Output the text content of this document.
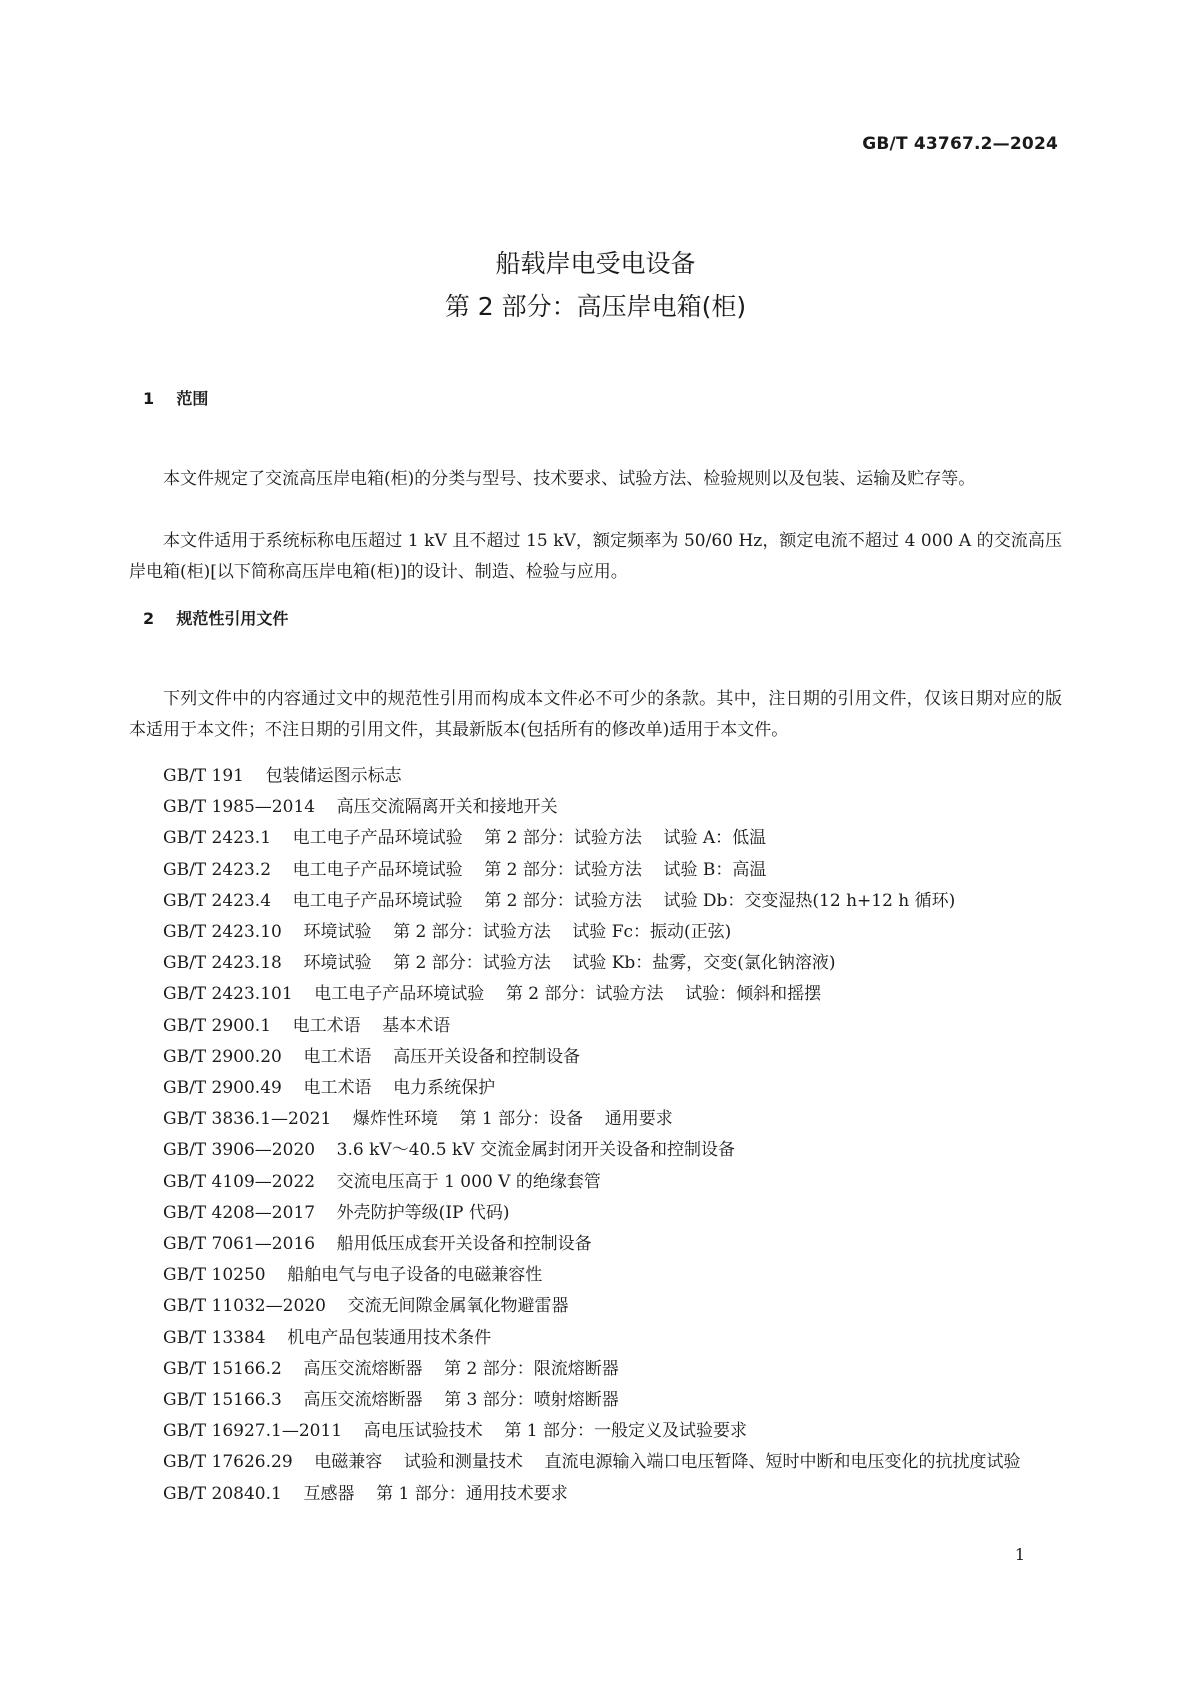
GB/T 43767.2—2024
船载岸电受电设备
第 2 部分：高压岸电箱(柜)
1    范围

本文件规定了交流高压岸电箱(柜)的分类与型号、技术要求、试验方法、检验规则以及包装、运输及贮存等。

本文件适用于系统标称电压超过 1 kV 且不超过 15 kV，额定频率为 50/60 Hz，额定电流不超过 4 000 A 的交流高压岸电箱(柜)[以下简称高压岸电箱(柜)]的设计、制造、检验与应用。

2    规范性引用文件

下列文件中的内容通过文中的规范性引用而构成本文件必不可少的条款。其中，注日期的引用文件，仅该日期对应的版本适用于本文件；不注日期的引用文件，其最新版本(包括所有的修改单)适用于本文件。

GB/T 191    包装储运图示标志
GB/T 1985—2014    高压交流隔离开关和接地开关
GB/T 2423.1    电工电子产品环境试验    第 2 部分：试验方法    试验 A：低温
GB/T 2423.2    电工电子产品环境试验    第 2 部分：试验方法    试验 B：高温
GB/T 2423.4    电工电子产品环境试验    第 2 部分：试验方法    试验 Db：交变湿热(12 h+12 h 循环)
GB/T 2423.10    环境试验    第 2 部分：试验方法    试验 Fc：振动(正弦)
GB/T 2423.18    环境试验    第 2 部分：试验方法    试验 Kb：盐雾，交变(氯化钠溶液)
GB/T 2423.101    电工电子产品环境试验    第 2 部分：试验方法    试验：倾斜和摇摆
GB/T 2900.1    电工术语    基本术语
GB/T 2900.20    电工术语    高压开关设备和控制设备
GB/T 2900.49    电工术语    电力系统保护
GB/T 3836.1—2021    爆炸性环境    第 1 部分：设备    通用要求
GB/T 3906—2020    3.6 kV～40.5 kV 交流金属封闭开关设备和控制设备
GB/T 4109—2022    交流电压高于 1 000 V 的绝缘套管
GB/T 4208—2017    外壳防护等级(IP 代码)
GB/T 7061—2016    船用低压成套开关设备和控制设备
GB/T 10250    船舶电气与电子设备的电磁兼容性
GB/T 11032—2020    交流无间隙金属氧化物避雷器
GB/T 13384    机电产品包装通用技术条件
GB/T 15166.2    高压交流熔断器    第 2 部分：限流熔断器
GB/T 15166.3    高压交流熔断器    第 3 部分：喷射熔断器
GB/T 16927.1—2011    高电压试验技术    第 1 部分：一般定义及试验要求
GB/T 17626.29    电磁兼容    试验和测量技术    直流电源输入端口电压暂降、短时中断和电压变化的抗扰度试验
GB/T 20840.1    互感器    第 1 部分：通用技术要求
1
